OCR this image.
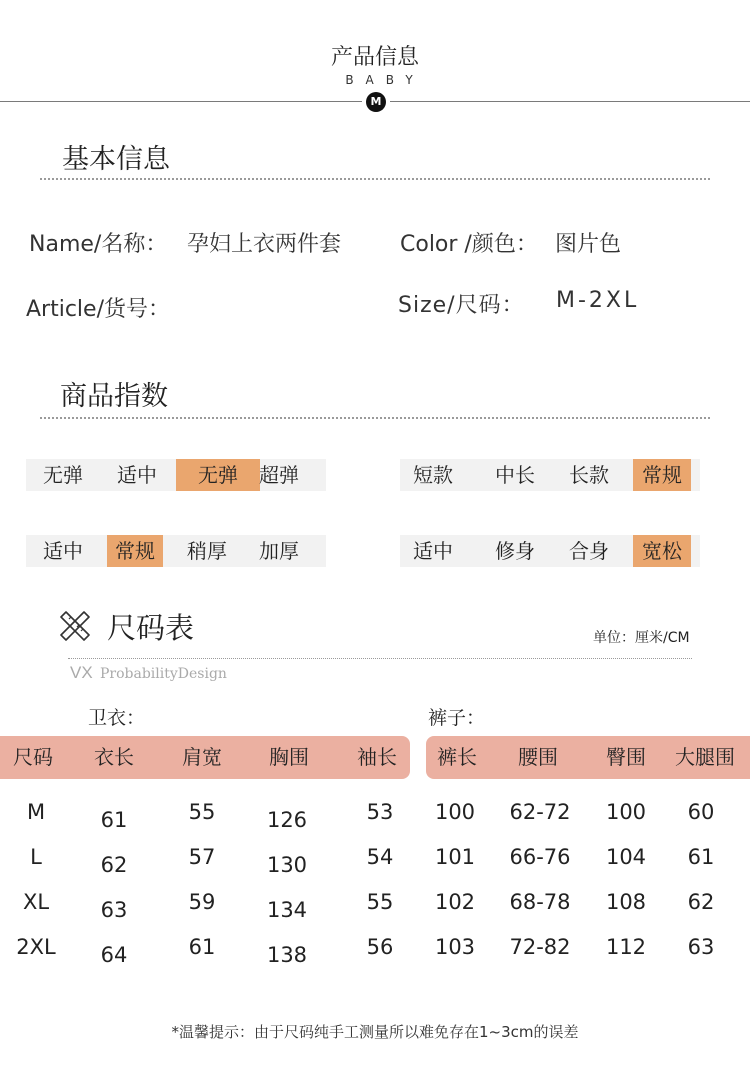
产品信息
BABY
M
基本信息
Name/名称： 孕妇上衣两件套	Color /颜色： 图片色
Article/货号：	Size/尺码： M-2XL
商品指数
无弹	适中	无弹	超弹	短款	中长	长款	常规
适中	常规	稍厚	加厚	适中	修身	合身	宽松
尺码表	单位：厘米/CM
VX ProbabilityDesign
卫衣：	裤子：
尺码	衣长	肩宽	胸围	袖长	裤长	腰围	臀围	大腿围
M	61	55	126	53	100	62-72	100	60
L	62	57	130	54	101	66-76	104	61
XL	63	59	134	55	102	68-78	108	62
2XL	64	61	138	56	103	72-82	112	63
*温馨提示：由于尺码纯手工测量所以难免存在1~3cm的误差
